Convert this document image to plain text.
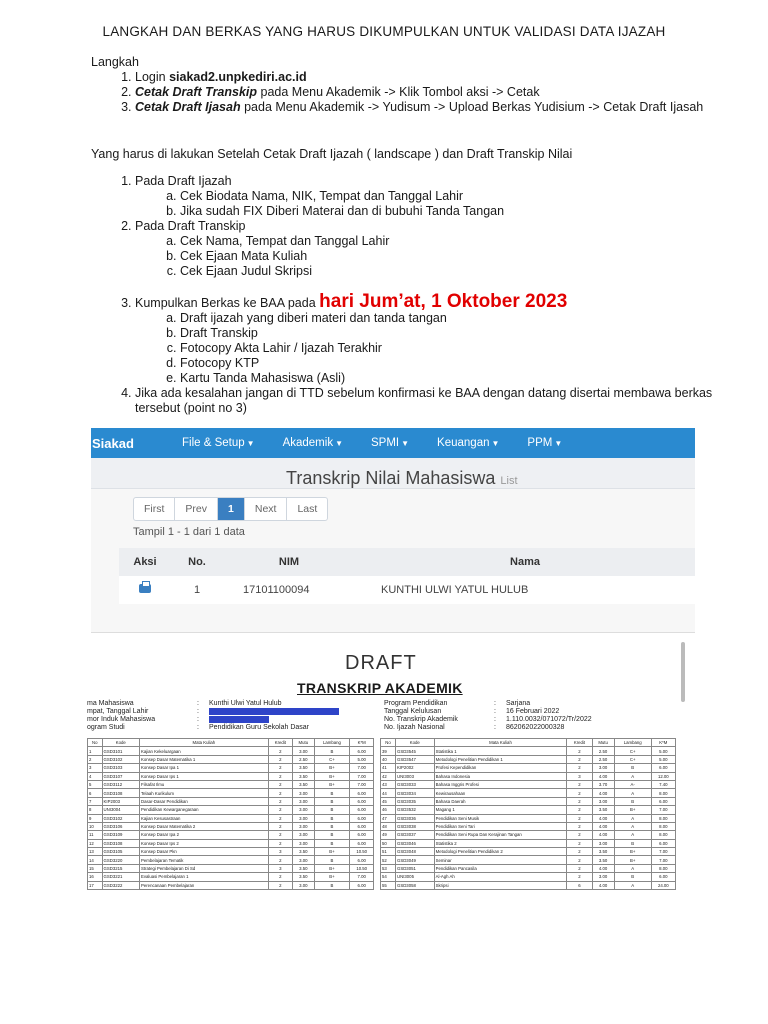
LANGKAH DAN BERKAS YANG HARUS DIKUMPULKAN UNTUK VALIDASI DATA IJAZAH
Langkah
1. Login siakad2.unpkediri.ac.id
2. Cetak Draft Transkip pada Menu Akademik -> Klik Tombol aksi -> Cetak
3. Cetak Draft Ijasah pada Menu Akademik -> Yudisum -> Upload Berkas Yudisium -> Cetak Draft Ijasah
Yang harus di lakukan Setelah Cetak Draft Ijazah ( landscape ) dan Draft Transkip Nilai
1. Pada Draft Ijazah
a. Cek Biodata Nama, NIK, Tempat dan Tanggal Lahir
b. Jika sudah FIX Diberi Materai dan di bubuhi Tanda Tangan
2. Pada Draft Transkip
a. Cek Nama, Tempat dan Tanggal Lahir
b. Cek Ejaan Mata Kuliah
c. Cek Ejaan Judul Skripsi
3. Kumpulkan Berkas ke BAA pada hari Jum’at, 1 Oktober 2023
a. Draft ijazah yang diberi materi dan tanda tangan
b. Draft Transkip
c. Fotocopy Akta Lahir / Ijazah Terakhir
d. Fotocopy KTP
e. Kartu Tanda Mahasiswa (Asli)
4. Jika ada kesalahan jangan di TTD sebelum konfirmasi ke BAA dengan datang disertai membawa berkas tersebut (point no 3)
Siakad	File & Setup ▼ Akademik ▼ SPMI ▼ Keuangan ▼ PPM ▼
Transkrip Nilai Mahasiswa List
First	Prev	1	Next	Last
Tampil 1 - 1 dari 1 data
Aksi	No.	NIM	Nama
	1	17101100094	KUNTHI ULWI YATUL HULUB
DRAFT
TRANSKRIP AKADEMIK
ma Mahasiswa	:	Kunthi Ulwi Yatul Hulub
mpat, Tanggal Lahir	:
mor Induk Mahasiswa	:
ogram Studi	:	Pendidikan Guru Sekolah Dasar
Program Pendidikan	:	Sarjana
Tanggal Kelulusan	:	16 Februari 2022
No. Transkrip Akademik	:	1.110.0032/071072/Tr/2022
No. Ijazah Nasional	:	862062022000328
No	Kode	Mata Kuliah	Kredit	Mutu	Lambang	K*M
1	GSD3101	Kajian Kekeluargaan	2	3.00	B	6.00
2	GSD3102	Konsep Dasar Matematika 1	2	2.50	C+	5.00
3	GSD3103	Konsep Dasar Ipa 1	2	3.50	B+	7.00
4	GSD3107	Konsep Dasar Ips 1	2	3.50	B+	7.00
5	GSD3112	Filsafat Ilmu	2	3.50	B+	7.00
6	GSD3108	Telaah Kurikulum	2	3.00	B	6.00
7	KIP2003	Dasar-Dasar Pendidikan	2	3.00	B	6.00
8	UNI3004	Pendidikan Kewarganegaraan	2	3.00	B	6.00
9	GSD3102	Kajian Kesusastraan	2	3.00	B	6.00
10	GSD3106	Konsep Dasar Matematika 2	2	3.00	B	6.00
11	GSD3109	Konsep Dasar Ipa 2	2	3.00	B	6.00
12	GSD3108	Konsep Dasar Ips 2	2	3.00	B	6.00
13	GSD3105	Konsep Dasar Pkn	3	3.50	B+	10.50
14	GSD3220	Pembelajaran Tematik	2	3.00	B	6.00
15	GSD3215	Strategi Pembelajaran Di Sd	3	3.50	B+	10.50
16	GSD3221	Evaluasi Pembelajaran 1	2	3.50	B+	7.00
17	GSD3222	Perencanaan Pembelajaran	2	3.00	B	6.00
No	Kode	Mata Kuliah	Kredit	Mutu	Lambang	K*M
39	GSD3545	Statistika 1	2	2.50	C+	5.00
40	GSD3547	Metodologi Penelitian Pendidikan 1	2	2.50	C+	5.00
41	KIP2002	Profesi Kependidikan	2	3.00	B	6.00
42	UNI3003	Bahasa Indonesia	3	4.00	A	12.00
43	GSD3033	Bahasa Inggris Profesi	2	3.70	A-	7.40
44	GSD3034	Kewirausahaan	2	4.00	A	8.00
45	GSD3035	Bahasa Daerah	2	3.00	B	6.00
46	GSD3532	Magang 1	2	3.50	B+	7.00
47	GSD3036	Pendidikan Seni Musik	2	4.00	A	8.00
48	GSD3038	Pendidikan Seni Tari	2	4.00	A	8.00
49	GSD3037	Pendidikan Seni Rupa Dan Kerajinan Tangan	2	4.00	A	8.00
50	GSD3046	Statistika 2	2	3.00	B	6.00
51	GSD3048	Metodologi Penelitian Pendidikan 2	2	3.50	B+	7.00
52	GSD3049	Seminar	2	3.50	B+	7.00
53	GSD3051	Pendidikan Pancasila	2	4.00	A	8.00
54	UNI3005	Al-Agh Ah	2	3.00	B	6.00
55	GSD3058	Skripsi	6	4.00	A	24.00
